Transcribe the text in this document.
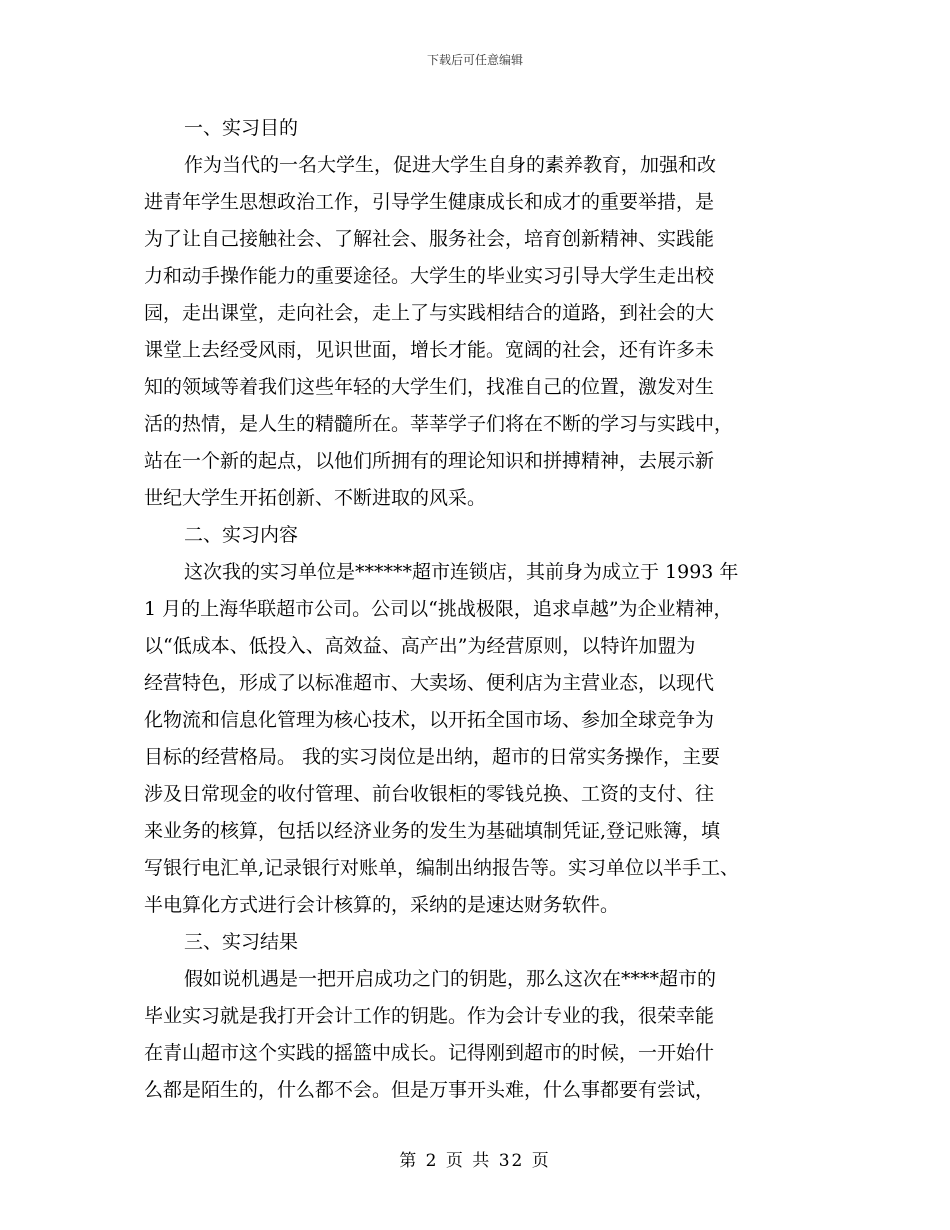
下载后可任意编辑
一、实习目的
作为当代的一名大学生，促进大学生自身的素养教育，加强和改
进青年学生思想政治工作，引导学生健康成长和成才的重要举措，是
为了让自己接触社会、了解社会、服务社会，培育创新精神、实践能
力和动手操作能力的重要途径。大学生的毕业实习引导大学生走出校
园，走出课堂，走向社会，走上了与实践相结合的道路，到社会的大
课堂上去经受风雨，见识世面，增长才能。宽阔的社会，还有许多未
知的领域等着我们这些年轻的大学生们，找准自己的位置，激发对生
活的热情，是人生的精髓所在。莘莘学子们将在不断的学习与实践中，
站在一个新的起点，以他们所拥有的理论知识和拼搏精神，去展示新
世纪大学生开拓创新、不断进取的风采。
二、实习内容
这次我的实习单位是******超市连锁店，其前身为成立于 1993 年
1 月的上海华联超市公司。公司以“挑战极限，追求卓越”为企业精神，
以“低成本、低投入、高效益、高产出”为经营原则，以特许加盟为
经营特色，形成了以标准超市、大卖场、便利店为主营业态，以现代
化物流和信息化管理为核心技术，以开拓全国市场、参加全球竞争为
目标的经营格局。 我的实习岗位是出纳，超市的日常实务操作，主要
涉及日常现金的收付管理、前台收银柜的零钱兑换、工资的支付、往
来业务的核算，包括以经济业务的发生为基础填制凭证,登记账簿，填
写银行电汇单,记录银行对账单，编制出纳报告等。实习单位以半手工、
半电算化方式进行会计核算的，采纳的是速达财务软件。
三、实习结果
假如说机遇是一把开启成功之门的钥匙，那么这次在****超市的
毕业实习就是我打开会计工作的钥匙。作为会计专业的我，很荣幸能
在青山超市这个实践的摇篮中成长。记得刚到超市的时候，一开始什
么都是陌生的，什么都不会。但是万事开头难，什么事都要有尝试，
第 2 页 共 32 页
